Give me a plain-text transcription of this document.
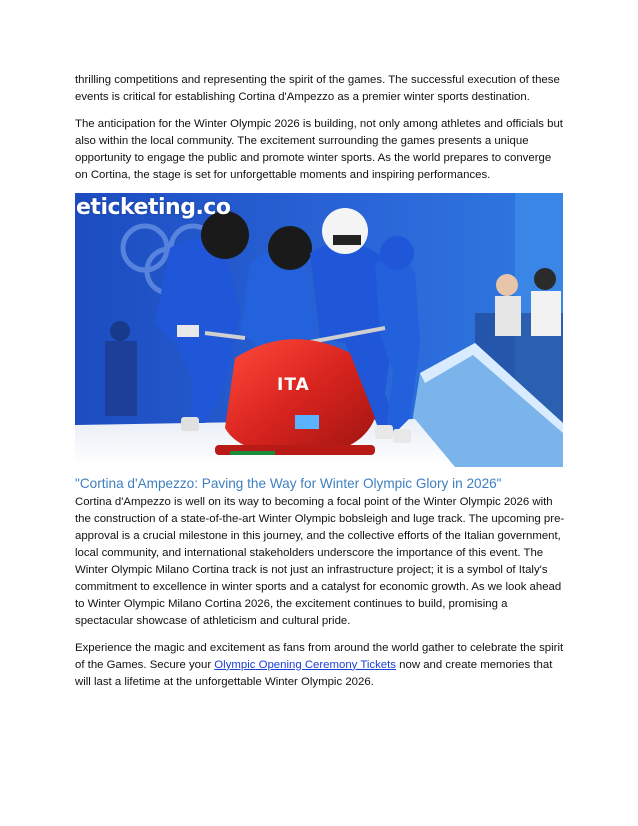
thrilling competitions and representing the spirit of the games. The successful execution of these events is critical for establishing Cortina d'Ampezzo as a premier winter sports destination.

The anticipation for the Winter Olympic 2026 is building, not only among athletes and officials but also within the local community. The excitement surrounding the games presents a unique opportunity to engage the public and promote winter sports. As the world prepares to converge on Cortina, the stage is set for unforgettable moments and inspiring performances.

eticketing.co
ITA
"Cortina d'Ampezzo: Paving the Way for Winter Olympic Glory in 2026"

Cortina d'Ampezzo is well on its way to becoming a focal point of the Winter Olympic 2026 with the construction of a state-of-the-art Winter Olympic bobsleigh and luge track. The upcoming pre-approval is a crucial milestone in this journey, and the collective efforts of the Italian government, local community, and international stakeholders underscore the importance of this event. The Winter Olympic Milano Cortina track is not just an infrastructure project; it is a symbol of Italy's commitment to excellence in winter sports and a catalyst for economic growth. As we look ahead to Winter Olympic Milano Cortina 2026, the excitement continues to build, promising a spectacular showcase of athleticism and cultural pride.

Experience the magic and excitement as fans from around the world gather to celebrate the spirit of the Games. Secure your Olympic Opening Ceremony Tickets now and create memories that will last a lifetime at the unforgettable Winter Olympic 2026.
